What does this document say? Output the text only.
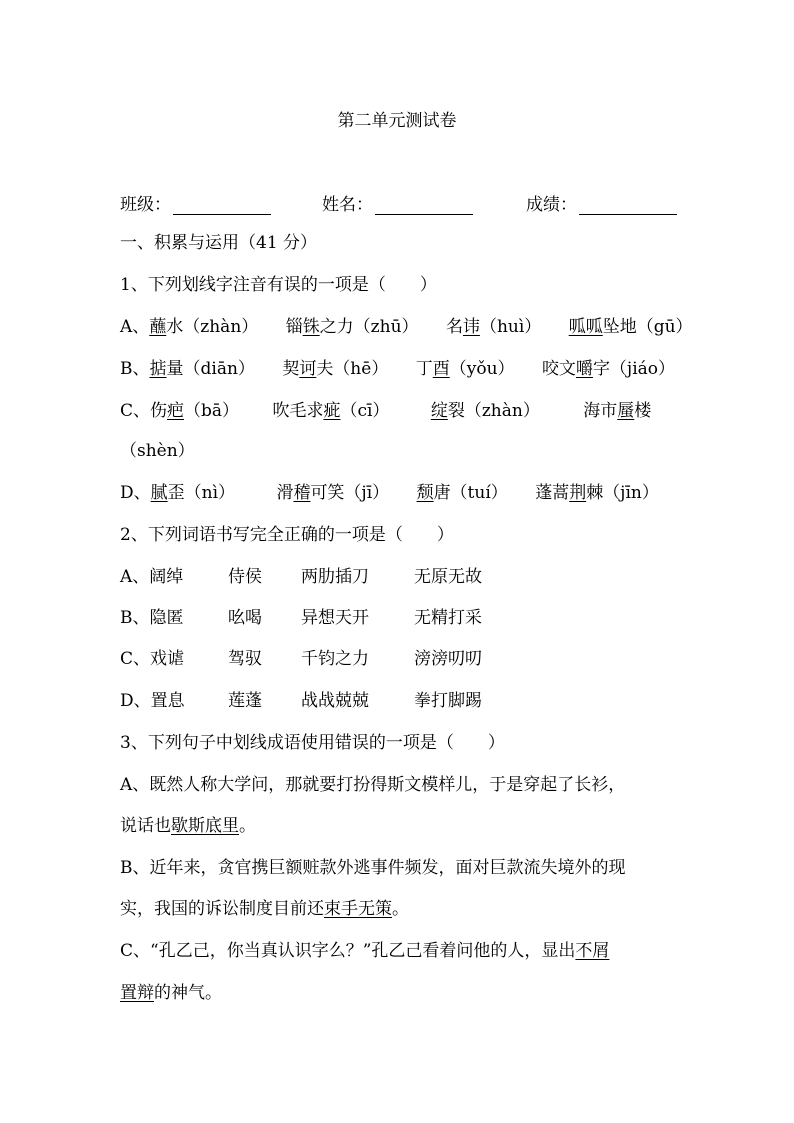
第二单元测试卷
班级：	姓名：	成绩：
一、积累与运用（41 分）
1、下列划线字注音有误的一项是（　　）
A、蘸水（zhàn） 锱铢之力（zhū） 名讳（huì） 呱呱坠地（gū）
B、掂量（diān） 契诃夫（hē） 丁酉（yǒu） 咬文嚼字（jiáo）
C、伤疤（bā） 吹毛求疵（cī） 绽裂（zhàn）	海市蜃楼
（shèn）
D、腻歪（nì） 滑稽可笑（jī） 颓唐（tuí） 蓬蒿荆棘（jīn）
2、下列词语书写完全正确的一项是（　　）
A、阔绰	侍侯 两肋插刀	无原无故
B、隐匿	吆喝 异想天开	无精打采
C、戏谑	驾驭 千钧之力	滂滂叨叨
D、置息	莲蓬 战战兢兢	拳打脚踢
3、下列句子中划线成语使用错误的一项是（　　）
A、既然人称大学问，那就要打扮得斯文模样儿，于是穿起了长衫，
说话也歇斯底里。
B、近年来，贪官携巨额赃款外逃事件频发，面对巨款流失境外的现
实，我国的诉讼制度目前还束手无策。
C、“孔乙己，你当真认识字么？”孔乙己看着问他的人，显出不屑
置辩的神气。
